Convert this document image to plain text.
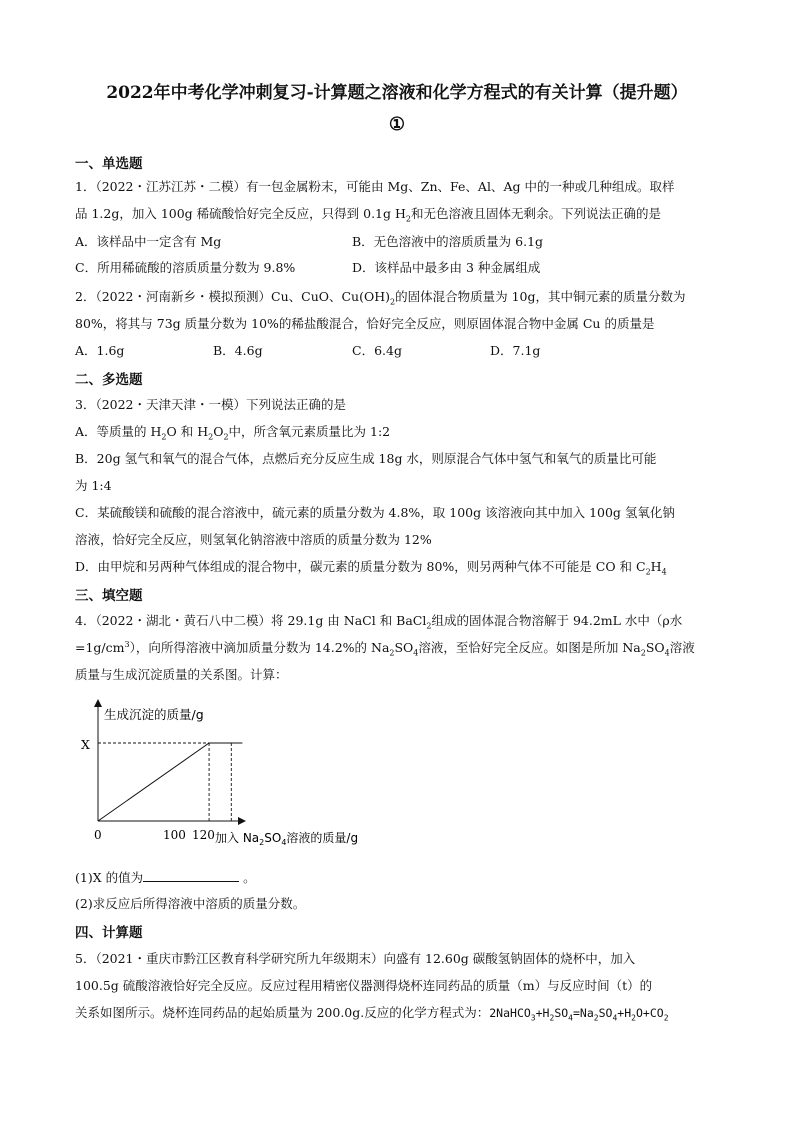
2022年中考化学冲刺复习-计算题之溶液和化学方程式的有关计算（提升题）
①
一、单选题
1．（2022・江苏江苏・二模）有一包金属粉末，可能由 Mg、Zn、Fe、Al、Ag 中的一种或几种组成。取样
品 1.2g，加入 100g 稀硫酸恰好完全反应，只得到 0.1g $H_2$和无色溶液且固体无剩余。下列说法正确的是
A．该样品中一定含有 Mg	B．无色溶液中的溶质质量为 6.1g
C．所用稀硫酸的溶质质量分数为 9.8%	D．该样品中最多由 3 种金属组成
2．（2022・河南新乡・模拟预测）Cu、CuO、$Cu(OH)_2$的固体混合物质量为 10g，其中铜元素的质量分数为
80%，将其与 73g 质量分数为 10%的稀盐酸混合，恰好完全反应，则原固体混合物中金属 Cu 的质量是
A．1.6g	B．4.6g	C．6.4g	D．7.1g
二、多选题
3．（2022・天津天津・一模）下列说法正确的是
A．等质量的 $H_2O$ 和 $H_2O_2$中，所含氧元素质量比为 1:2
B．20g 氢气和氧气的混合气体，点燃后充分反应生成 18g 水，则原混合气体中氢气和氧气的质量比可能
为 1:4
C．某硫酸镁和硫酸的混合溶液中，硫元素的质量分数为 4.8%，取 100g 该溶液向其中加入 100g 氢氧化钠
溶液，恰好完全反应，则氢氧化钠溶液中溶质的质量分数为 12%
D．由甲烷和另两种气体组成的混合物中，碳元素的质量分数为 80%，则另两种气体不可能是 CO 和 $C_2H_4$
三、填空题
4．（2022・湖北・黄石八中二模）将 29.1g 由 NaCl 和 BaCl$_2$组成的固体混合物溶解于 94.2mL 水中（ρ水
$=1g/cm^3$），向所得溶液中滴加质量分数为 14.2%的 $Na_2SO_4$溶液，至恰好完全反应。如图是所加 $Na_2SO_4$溶液
质量与生成沉淀质量的关系图。计算：
生成沉淀的质量/g
X
0	100 120 加入 $Na_2SO_4$溶液的质量/g
(1)X 的值为	。
(2)求反应后所得溶液中溶质的质量分数。
四、计算题
5．（2021・重庆市黔江区教育科学研究所九年级期末）向盛有 12.60g 碳酸氢钠固体的烧杯中，加入
100.5g 硫酸溶液恰好完全反应。反应过程用精密仪器测得烧杯连同药品的质量（m）与反应时间（t）的
关系如图所示。烧杯连同药品的起始质量为 200.0g.反应的化学方程式为：$2NaHCO_3+H_2SO_4=Na_2SO_4+H_2O+CO_2$
